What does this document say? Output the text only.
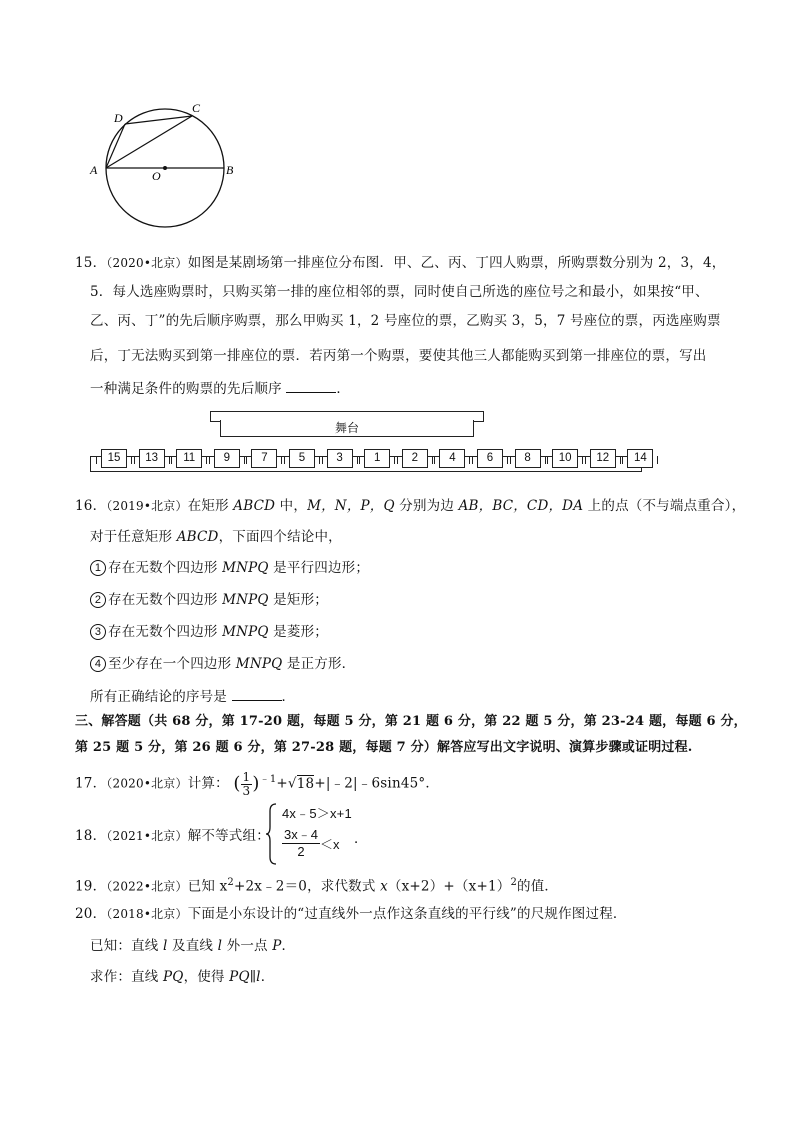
A	B
C
D
O
15．（2020•北京）如图是某剧场第一排座位分布图．甲、乙、丙、丁四人购票，所购票数分别为 2，3，4，
5．每人选座购票时，只购买第一排的座位相邻的票，同时使自己所选的座位号之和最小，如果按“甲、
乙、丙、丁”的先后顺序购票，那么甲购买 1，2 号座位的票，乙购买 3，5，7 号座位的票，丙选座购票
后，丁无法购买到第一排座位的票．若丙第一个购票，要使其他三人都能购买到第一排座位的票，写出
一种满足条件的购票的先后顺序	．
舞台
15	13	11	9	7	5	3	1	2	4	6	8	10	12	14
16．（2019•北京）在矩形 ABCD 中，M，N，P，Q 分别为边 AB，BC，CD，DA 上的点（不与端点重合），
对于任意矩形 ABCD，下面四个结论中，
1 存在无数个四边形 MNPQ 是平行四边形；
2 存在无数个四边形 MNPQ 是矩形；
3 存在无数个四边形 MNPQ 是菱形；
4 至少存在一个四边形 MNPQ 是正方形．
所有正确结论的序号是	．
三、解答题（共 68 分，第 17-20 题，每题 5 分，第 21 题 6 分，第 22 题 5 分，第 23-24 题，每题 6 分，
第 25 题 5 分，第 26 题 6 分，第 27-28 题，每题 7 分）解答应写出文字说明、演算步骤或证明过程.
17．（2020•北京）计算： ( $\frac{1}{3}$ )$^{﹣1}$+√18+|﹣2|﹣6sin45°．
18．（2021•北京）解不等式组：
4x﹣5＞x+1
$\frac{3x﹣4}{2} <x$ ．
19．（2022•北京）已知 $x^2+2x﹣2=0$，求代数式 $x(x+2)+(x+1)^2$的值．
20．（2018•北京）下面是小东设计的“过直线外一点作这条直线的平行线”的尺规作图过程．
已知：直线 l 及直线 l 外一点 P．
求作：直线 PQ，使得 PQ∥l．
